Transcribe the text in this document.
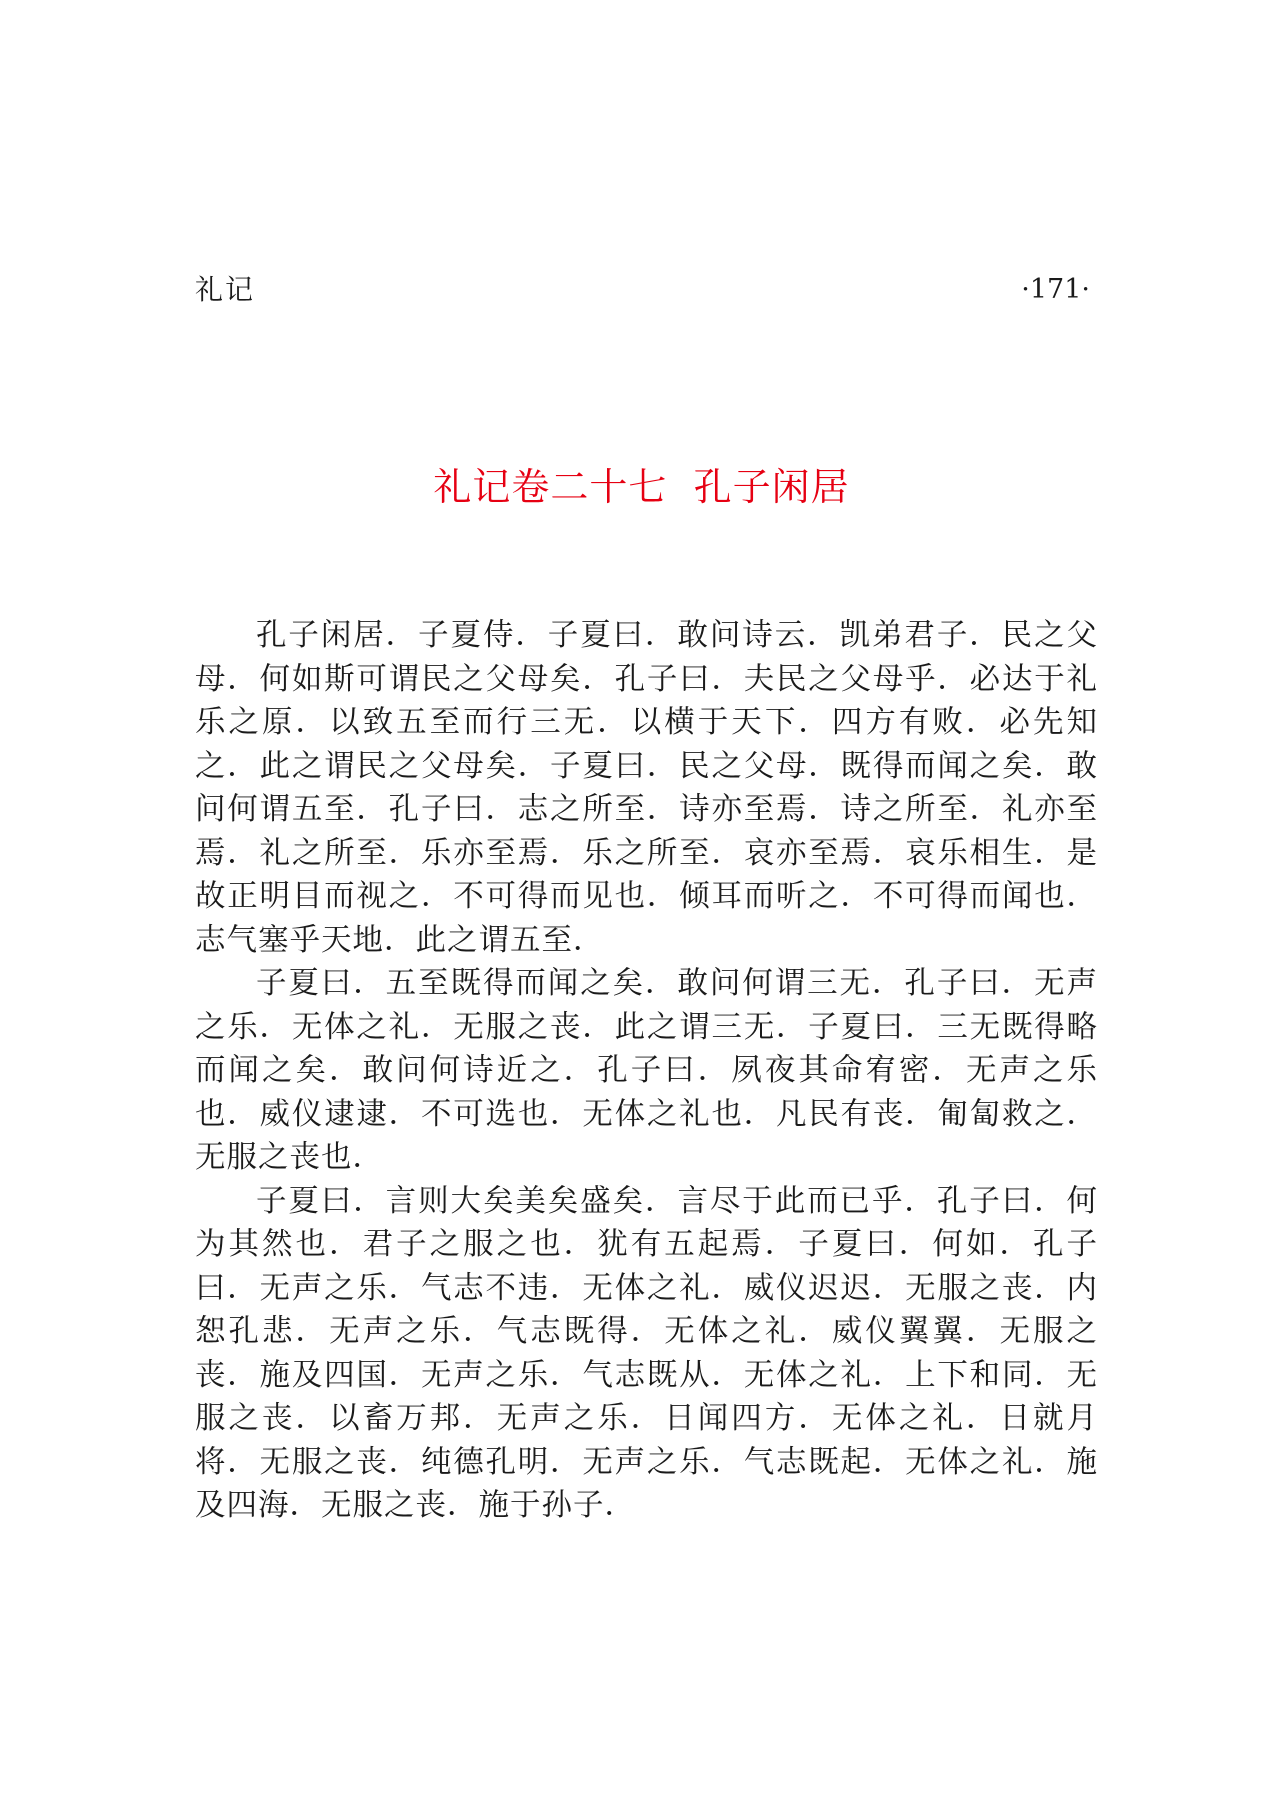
礼记	·171·
礼记卷二十七  孔子闲居

孔子闲居．子夏侍．子夏曰．敢问诗云．凯弟君子．民之父母．何如斯可谓民之父母矣．孔子曰．夫民之父母乎．必达于礼乐之原．以致五至而行三无．以横于天下．四方有败．必先知之．此之谓民之父母矣．子夏曰．民之父母．既得而闻之矣．敢问何谓五至．孔子曰．志之所至．诗亦至焉．诗之所至．礼亦至焉．礼之所至．乐亦至焉．乐之所至．哀亦至焉．哀乐相生．是故正明目而视之．不可得而见也．倾耳而听之．不可得而闻也．志气塞乎天地．此之谓五至．

子夏曰．五至既得而闻之矣．敢问何谓三无．孔子曰．无声之乐．无体之礼．无服之丧．此之谓三无．子夏曰．三无既得略而闻之矣．敢问何诗近之．孔子曰．夙夜其命宥密．无声之乐也．威仪逮逮．不可选也．无体之礼也．凡民有丧．匍匐救之．无服之丧也．

子夏曰．言则大矣美矣盛矣．言尽于此而已乎．孔子曰．何为其然也．君子之服之也．犹有五起焉．子夏曰．何如．孔子曰．无声之乐．气志不违．无体之礼．威仪迟迟．无服之丧．内恕孔悲．无声之乐．气志既得．无体之礼．威仪翼翼．无服之丧．施及四国．无声之乐．气志既从．无体之礼．上下和同．无服之丧．以畜万邦．无声之乐．日闻四方．无体之礼．日就月将．无服之丧．纯德孔明．无声之乐．气志既起．无体之礼．施及四海．无服之丧．施于孙子．
